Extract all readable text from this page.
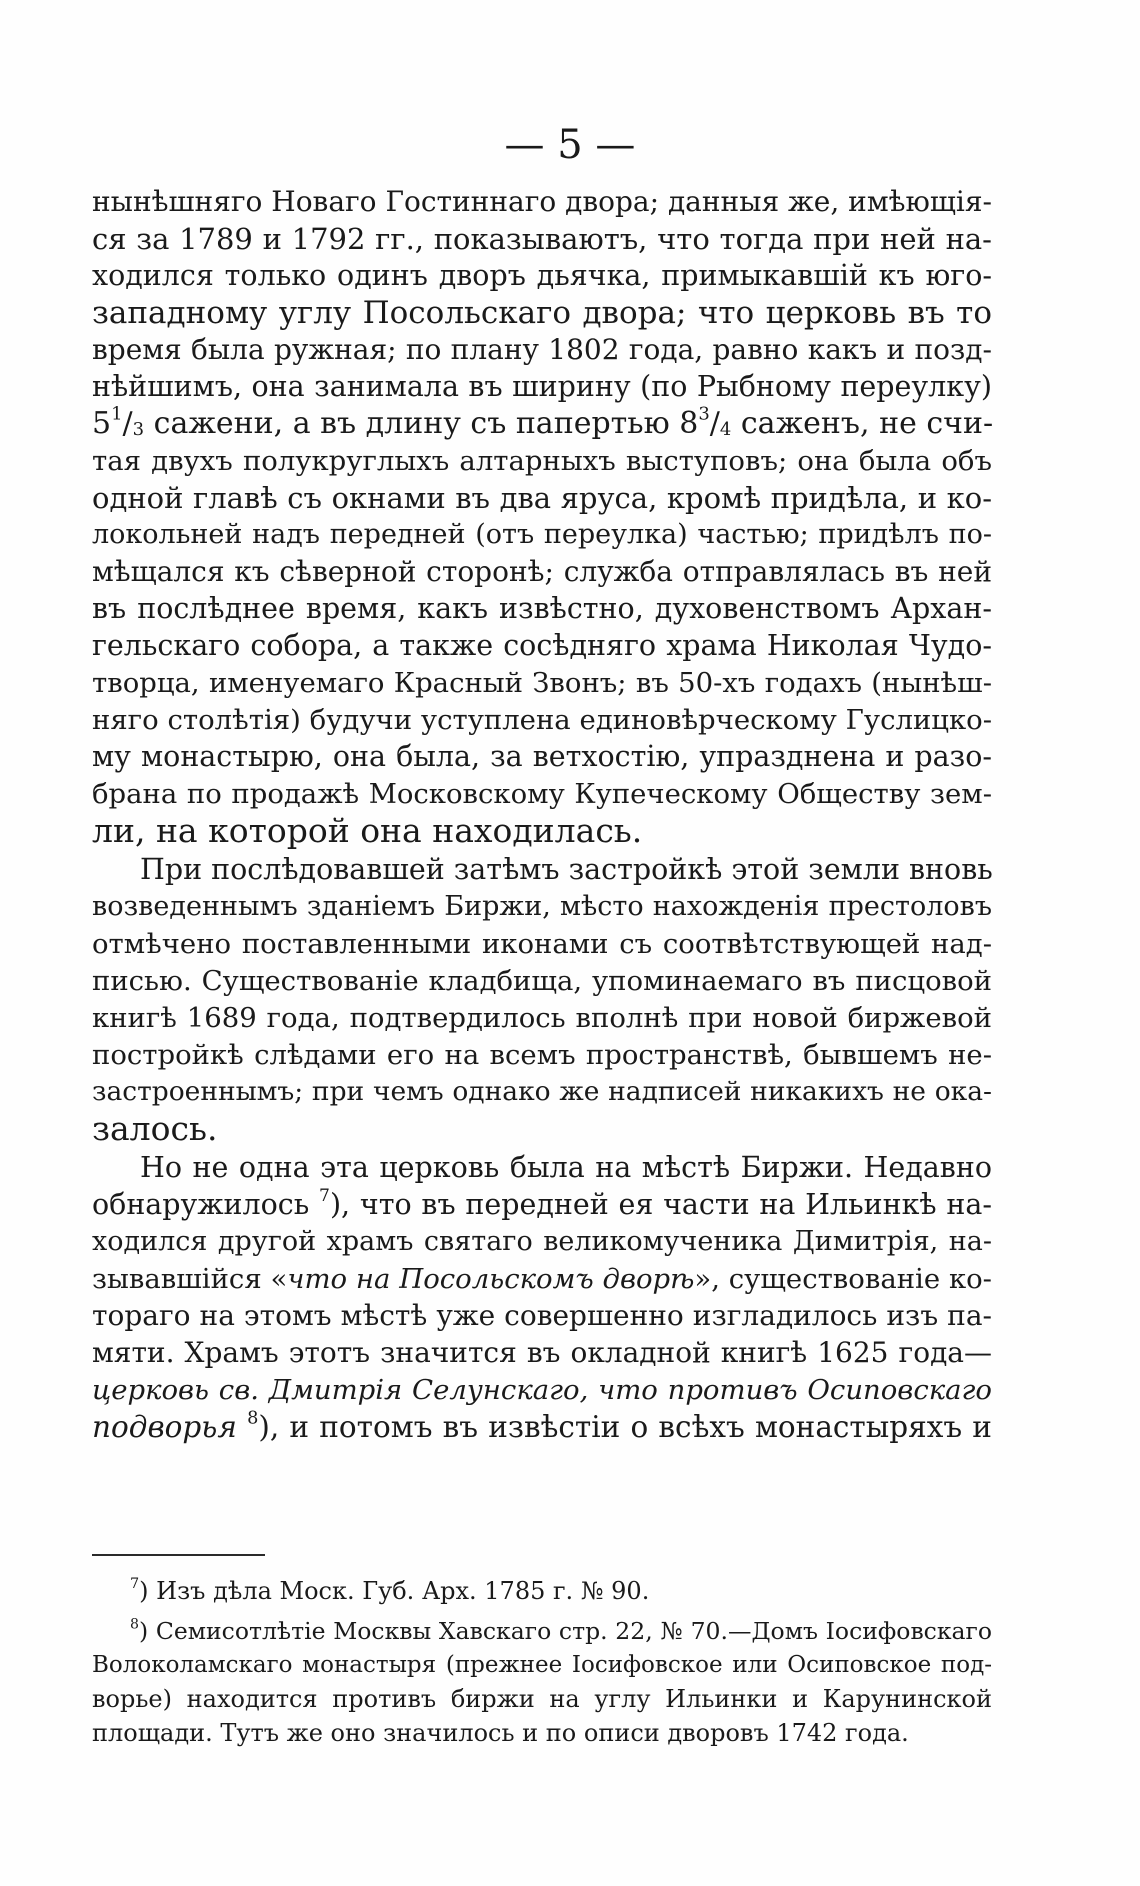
— 5 —
нынѣшняго Новаго Гостиннаго двора; данныя же, имѣющія-
ся за 1789 и 1792 гг., показываютъ, что тогда при ней на-
ходился только одинъ дворъ дьячка, примыкавшій къ юго-
западному углу Посольскаго двора; что церковь въ то
время была ружная; по плану 1802 года, равно какъ и позд-
нѣйшимъ, она занимала въ ширину (по Рыбному переулку)
$5^1/_3$ сажени, а въ длину съ папертью $8^3/_4$ саженъ, не счи-
тая двухъ полукруглыхъ алтарныхъ выступовъ; она была объ
одной главѣ съ окнами въ два яруса, кромѣ придѣла, и ко-
локольней надъ передней (отъ переулка) частью; придѣлъ по-
мѣщался къ сѣверной сторонѣ; служба отправлялась въ ней
въ послѣднее время, какъ извѣстно, духовенствомъ Архан-
гельскаго собора, а также сосѣдняго храма Николая Чудо-
творца, именуемаго Красный Звонъ; въ 50-хъ годахъ (нынѣш-
няго столѣтія) будучи уступлена единовѣрческому Гуслицко-
му монастырю, она была, за ветхостію, упразднена и разо-
брана по продажѣ Московскому Купеческому Обществу зем-
ли, на которой она находилась.
При послѣдовавшей затѣмъ застройкѣ этой земли вновь
возведеннымъ зданіемъ Биржи, мѣсто нахожденія престоловъ
отмѣчено поставленными иконами съ соотвѣтствующей над-
писью. Существованіе кладбища, упоминаемаго въ писцовой
книгѣ 1689 года, подтвердилось вполнѣ при новой биржевой
постройкѣ слѣдами его на всемъ пространствѣ, бывшемъ не-
застроеннымъ; при чемъ однако же надписей никакихъ не ока-
залось.
Но не одна эта церковь была на мѣстѣ Биржи. Недавно
обнаружилось $^7$), что въ передней ея части на Ильинкѣ на-
ходился другой храмъ святаго великомученика Димитрія, на-
зывавшійся «что на Посольскомъ дворѣ», существованіе ко-
тораго на этомъ мѣстѣ уже совершенно изгладилось изъ па-
мяти. Храмъ этотъ значится въ окладной книгѣ 1625 года—
церковь св. Дмитрія Селунскаго, что противъ Осиповскаго
подворья $^8$), и потомъ въ извѣстіи о всѣхъ монастыряхъ и
$^7$) Изъ дѣла Моск. Губ. Арх. 1785 г. № 90.
$^8$) Семисотлѣтіе Москвы Хавскаго стр. 22, № 70.—Домъ Іосифовскаго
Волоколамскаго монастыря (прежнее Іосифовское или Осиповское под-
ворье) находится противъ биржи на углу Ильинки и Карунинской
площади. Тутъ же оно значилось и по описи дворовъ 1742 года.
